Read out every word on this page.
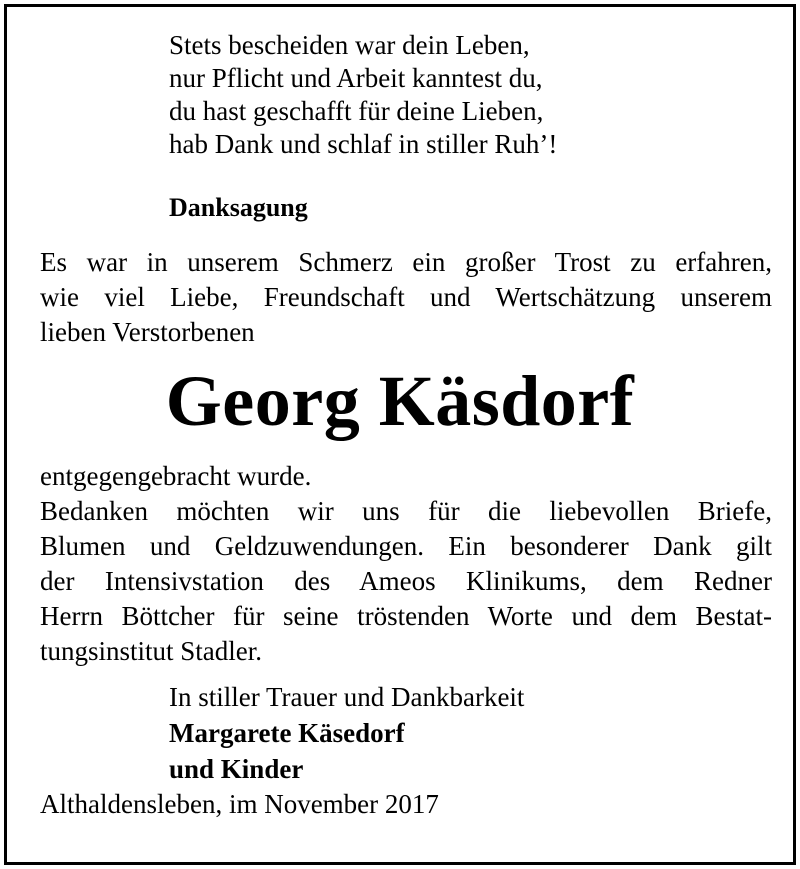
Stets bescheiden war dein Leben,
nur Pflicht und Arbeit kanntest du,
du hast geschafft für deine Lieben,
hab Dank und schlaf in stiller Ruh’!
Danksagung
Es war in unserem Schmerz ein großer Trost zu erfahren,
wie viel Liebe, Freundschaft und Wertschätzung unserem
lieben Verstorbenen
Georg Käsdorf
entgegengebracht wurde.
Bedanken möchten wir uns für die liebevollen Briefe,
Blumen und Geldzuwendungen. Ein besonderer Dank gilt
der Intensivstation des Ameos Klinikums, dem Redner
Herrn Böttcher für seine tröstenden Worte und dem Bestat-
tungsinstitut Stadler.
In stiller Trauer und Dankbarkeit
Margarete Käsedorf
und Kinder
Althaldensleben, im November 2017
